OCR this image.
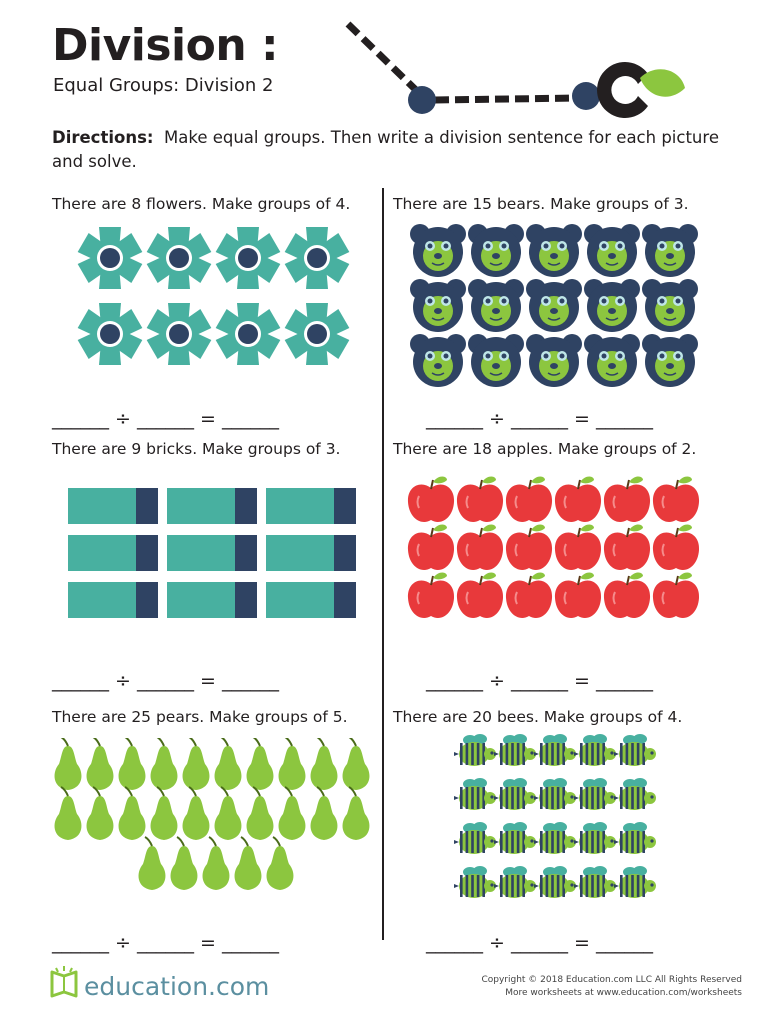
Division :
Equal Groups: Division 2
Directions: Make equal groups. Then write a division sentence for each picture and solve.
There are 8 flowers. Make groups of 4.	There are 15 bears. Make groups of 3.
There are 9 bricks. Make groups of 3.	There are 18 apples. Make groups of 2.
There are 25 pears. Make groups of 5.	There are 20 bees. Make groups of 4.
______ ÷ ______ = ______	______ ÷ ______ = ______
______ ÷ ______ = ______	______ ÷ ______ = ______
______ ÷ ______ = ______	______ ÷ ______ = ______
education.com	Copyright © 2018 Education.com LLC All Rights Reserved
More worksheets at www.education.com/worksheets
